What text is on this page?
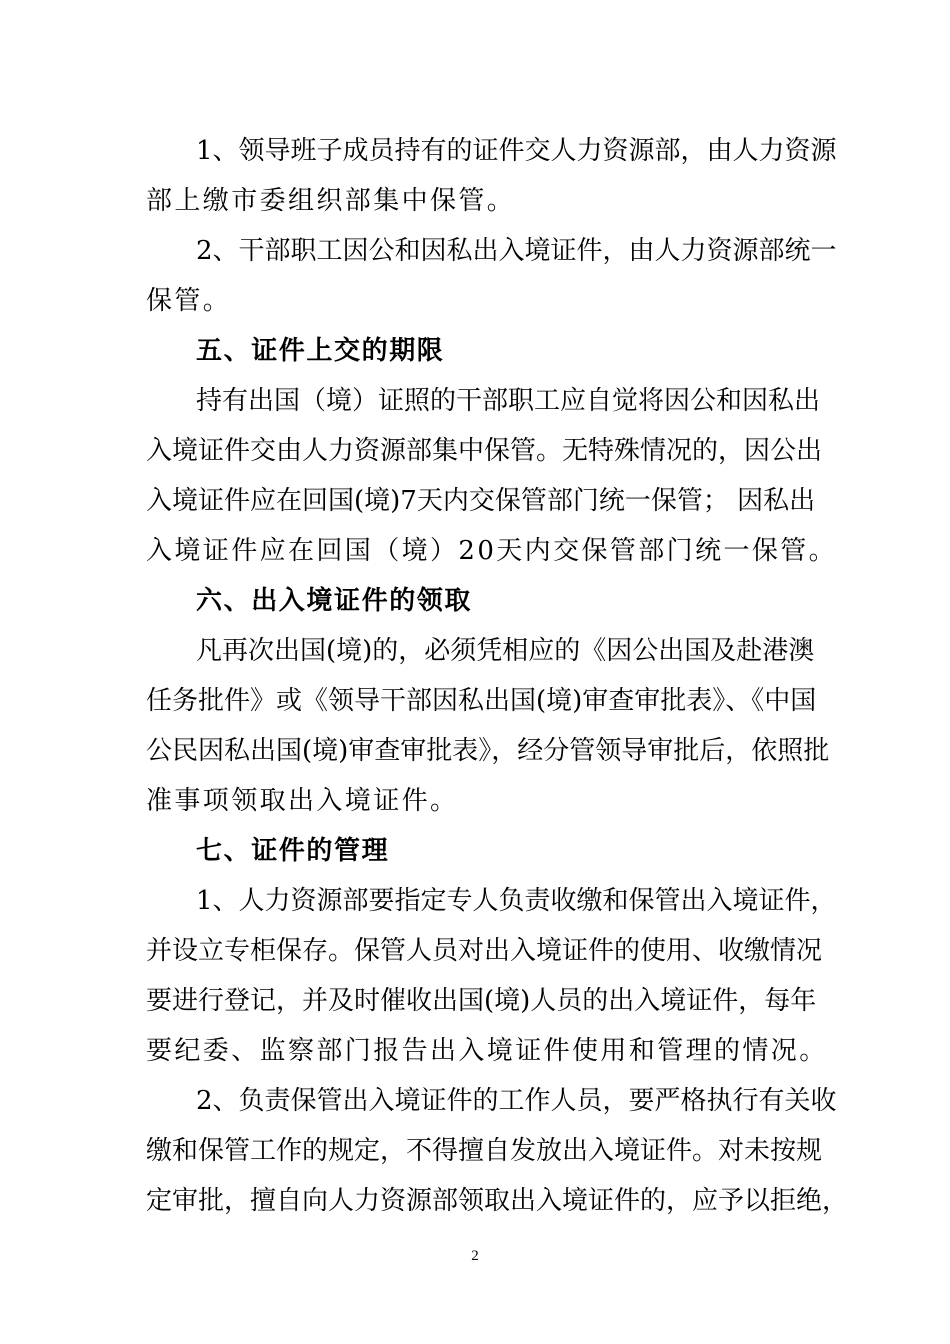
1、领导班子成员持有的证件交人力资源部，由人力资源
部上缴市委组织部集中保管。
2、干部职工因公和因私出入境证件，由人力资源部统一
保管。
五、证件上交的期限
持有出国（境）证照的干部职工应自觉将因公和因私出
入境证件交由人力资源部集中保管。无特殊情况的，因公出
入境证件应在回国(境)7天内交保管部门统一保管； 因私出
入境证件应在回国（境）20天内交保管部门统一保管。
六、出入境证件的领取
凡再次出国(境)的，必须凭相应的《因公出国及赴港澳
任务批件》或《领导干部因私出国(境)审查审批表》、《中国
公民因私出国(境)审查审批表》，经分管领导审批后，依照批
准事项领取出入境证件。
七、证件的管理
1、人力资源部要指定专人负责收缴和保管出入境证件，
并设立专柜保存。保管人员对出入境证件的使用、收缴情况
要进行登记，并及时催收出国(境)人员的出入境证件，每年
要纪委、监察部门报告出入境证件使用和管理的情况。
2、负责保管出入境证件的工作人员，要严格执行有关收
缴和保管工作的规定，不得擅自发放出入境证件。对未按规
定审批，擅自向人力资源部领取出入境证件的，应予以拒绝，
2
